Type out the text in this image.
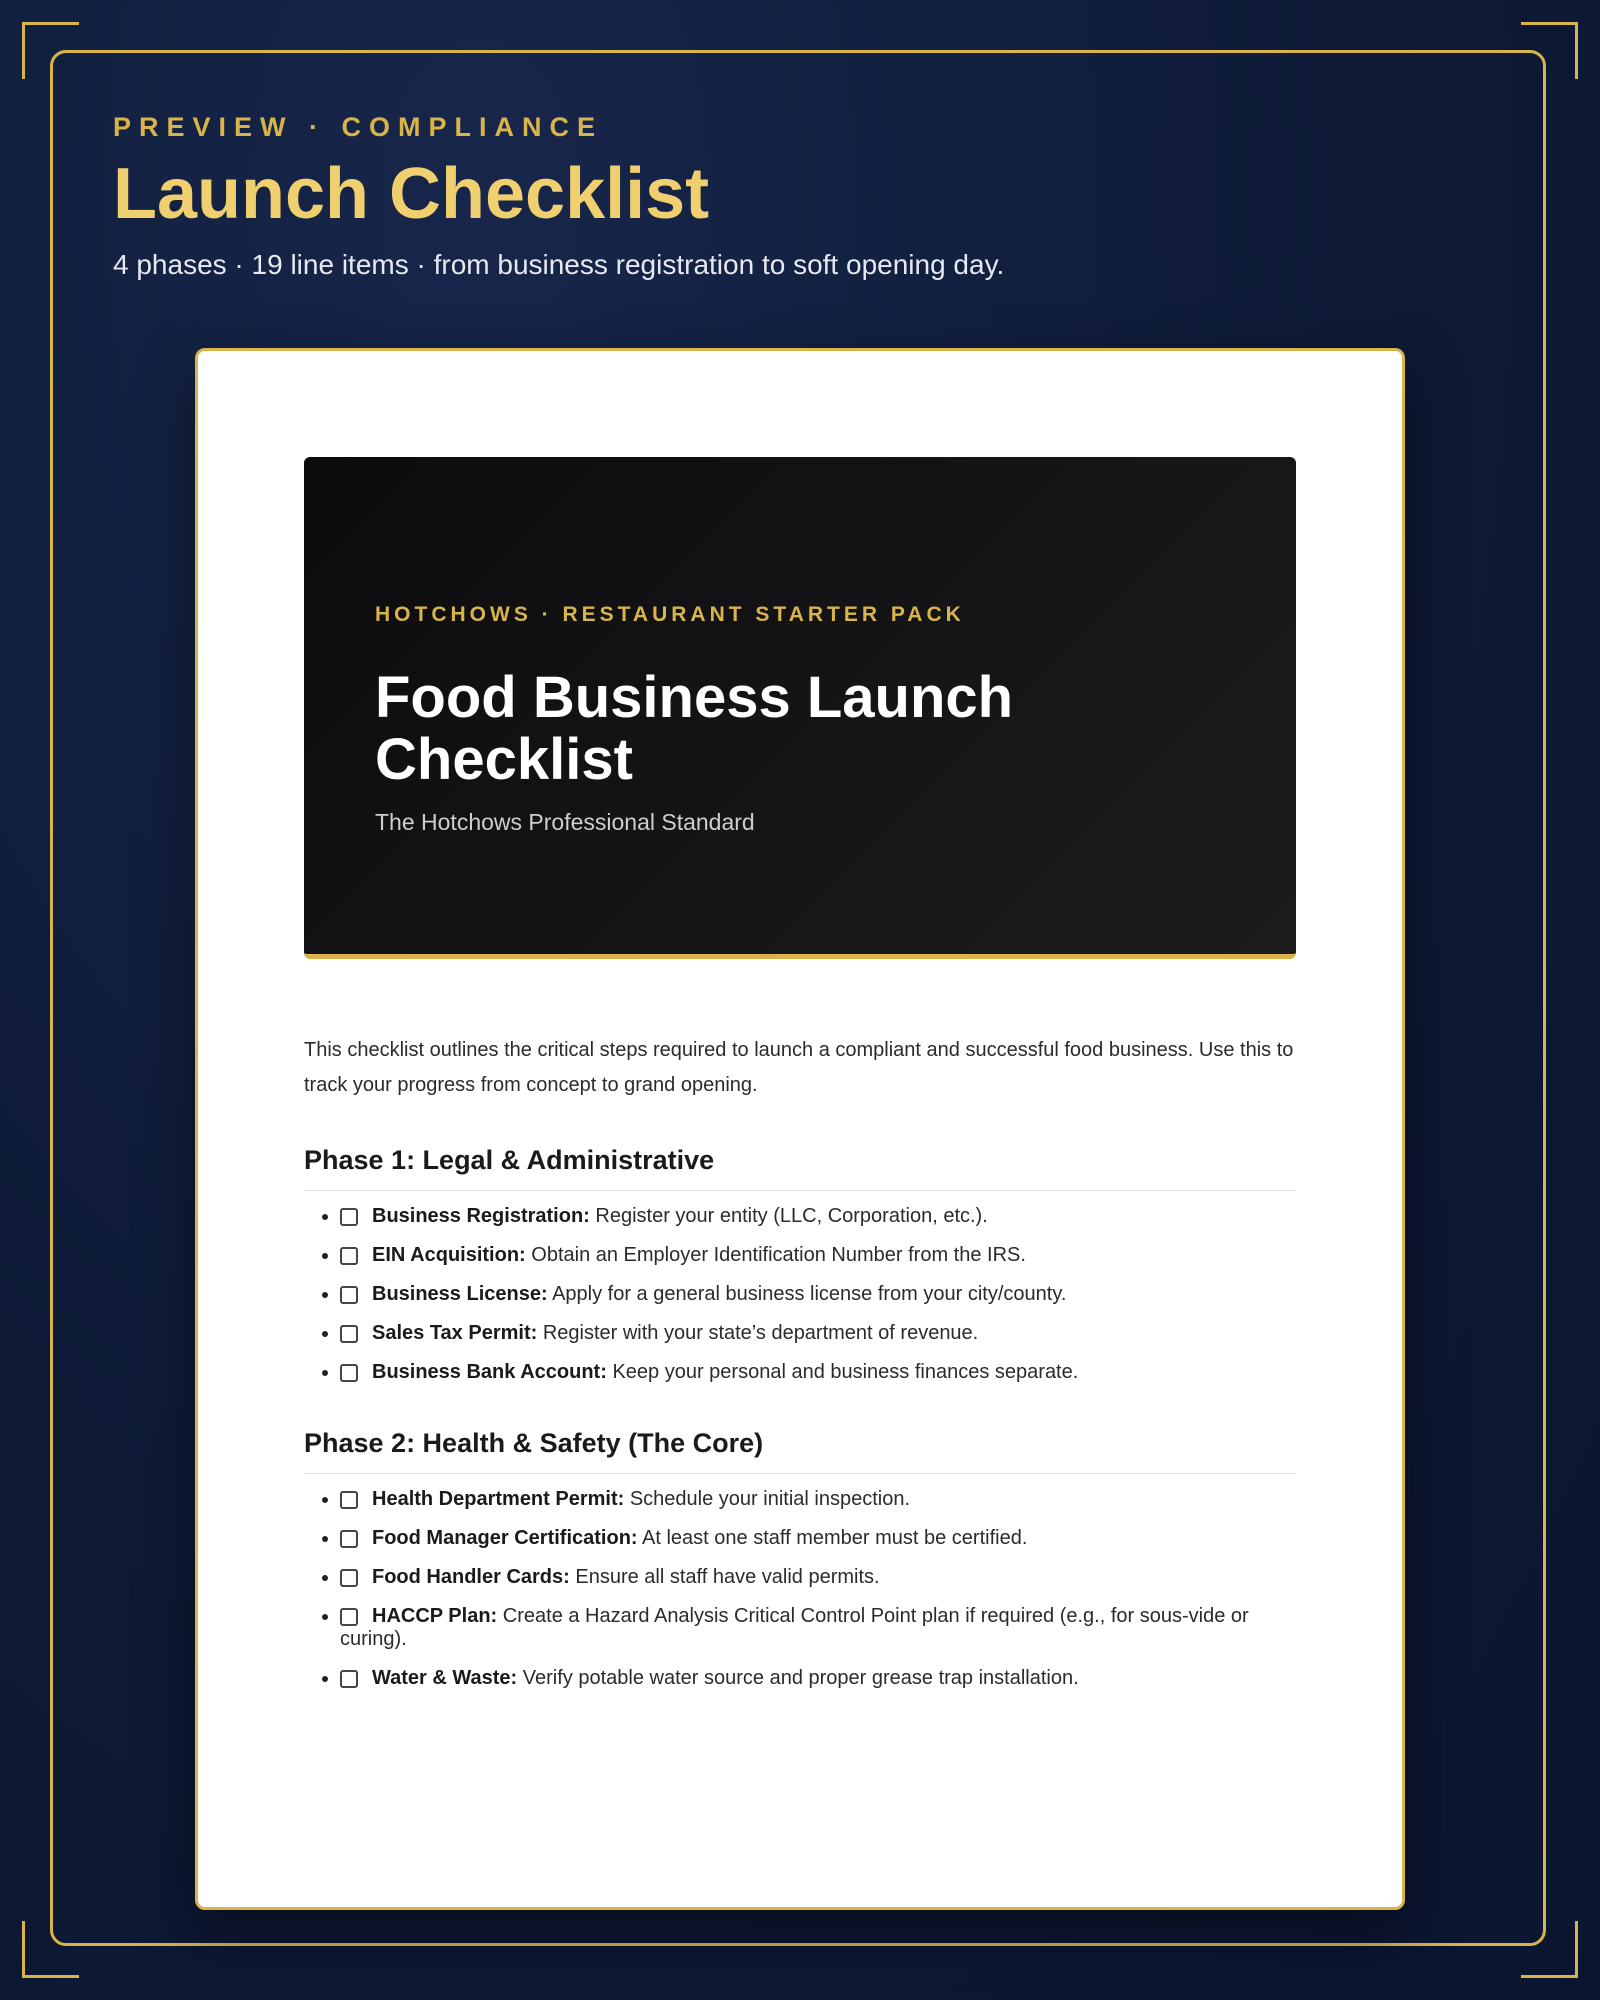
PREVIEW · COMPLIANCE

Launch Checklist

4 phases · 19 line items · from business registration to soft opening day.

HOTCHOWS · RESTAURANT STARTER PACK

Food Business Launch Checklist

The Hotchows Professional Standard

This checklist outlines the critical steps required to launch a compliant and successful food business. Use this to track your progress from concept to grand opening.

Phase 1: Legal & Administrative
• Business Registration: Register your entity (LLC, Corporation, etc.).
• EIN Acquisition: Obtain an Employer Identification Number from the IRS.
• Business License: Apply for a general business license from your city/county.
• Sales Tax Permit: Register with your state’s department of revenue.
• Business Bank Account: Keep your personal and business finances separate.
Phase 2: Health & Safety (The Core)
• Health Department Permit: Schedule your initial inspection.
• Food Manager Certification: At least one staff member must be certified.
• Food Handler Cards: Ensure all staff have valid permits.
• HACCP Plan: Create a Hazard Analysis Critical Control Point plan if required (e.g., for sous-vide or curing).
• Water & Waste: Verify potable water source and proper grease trap installation.
